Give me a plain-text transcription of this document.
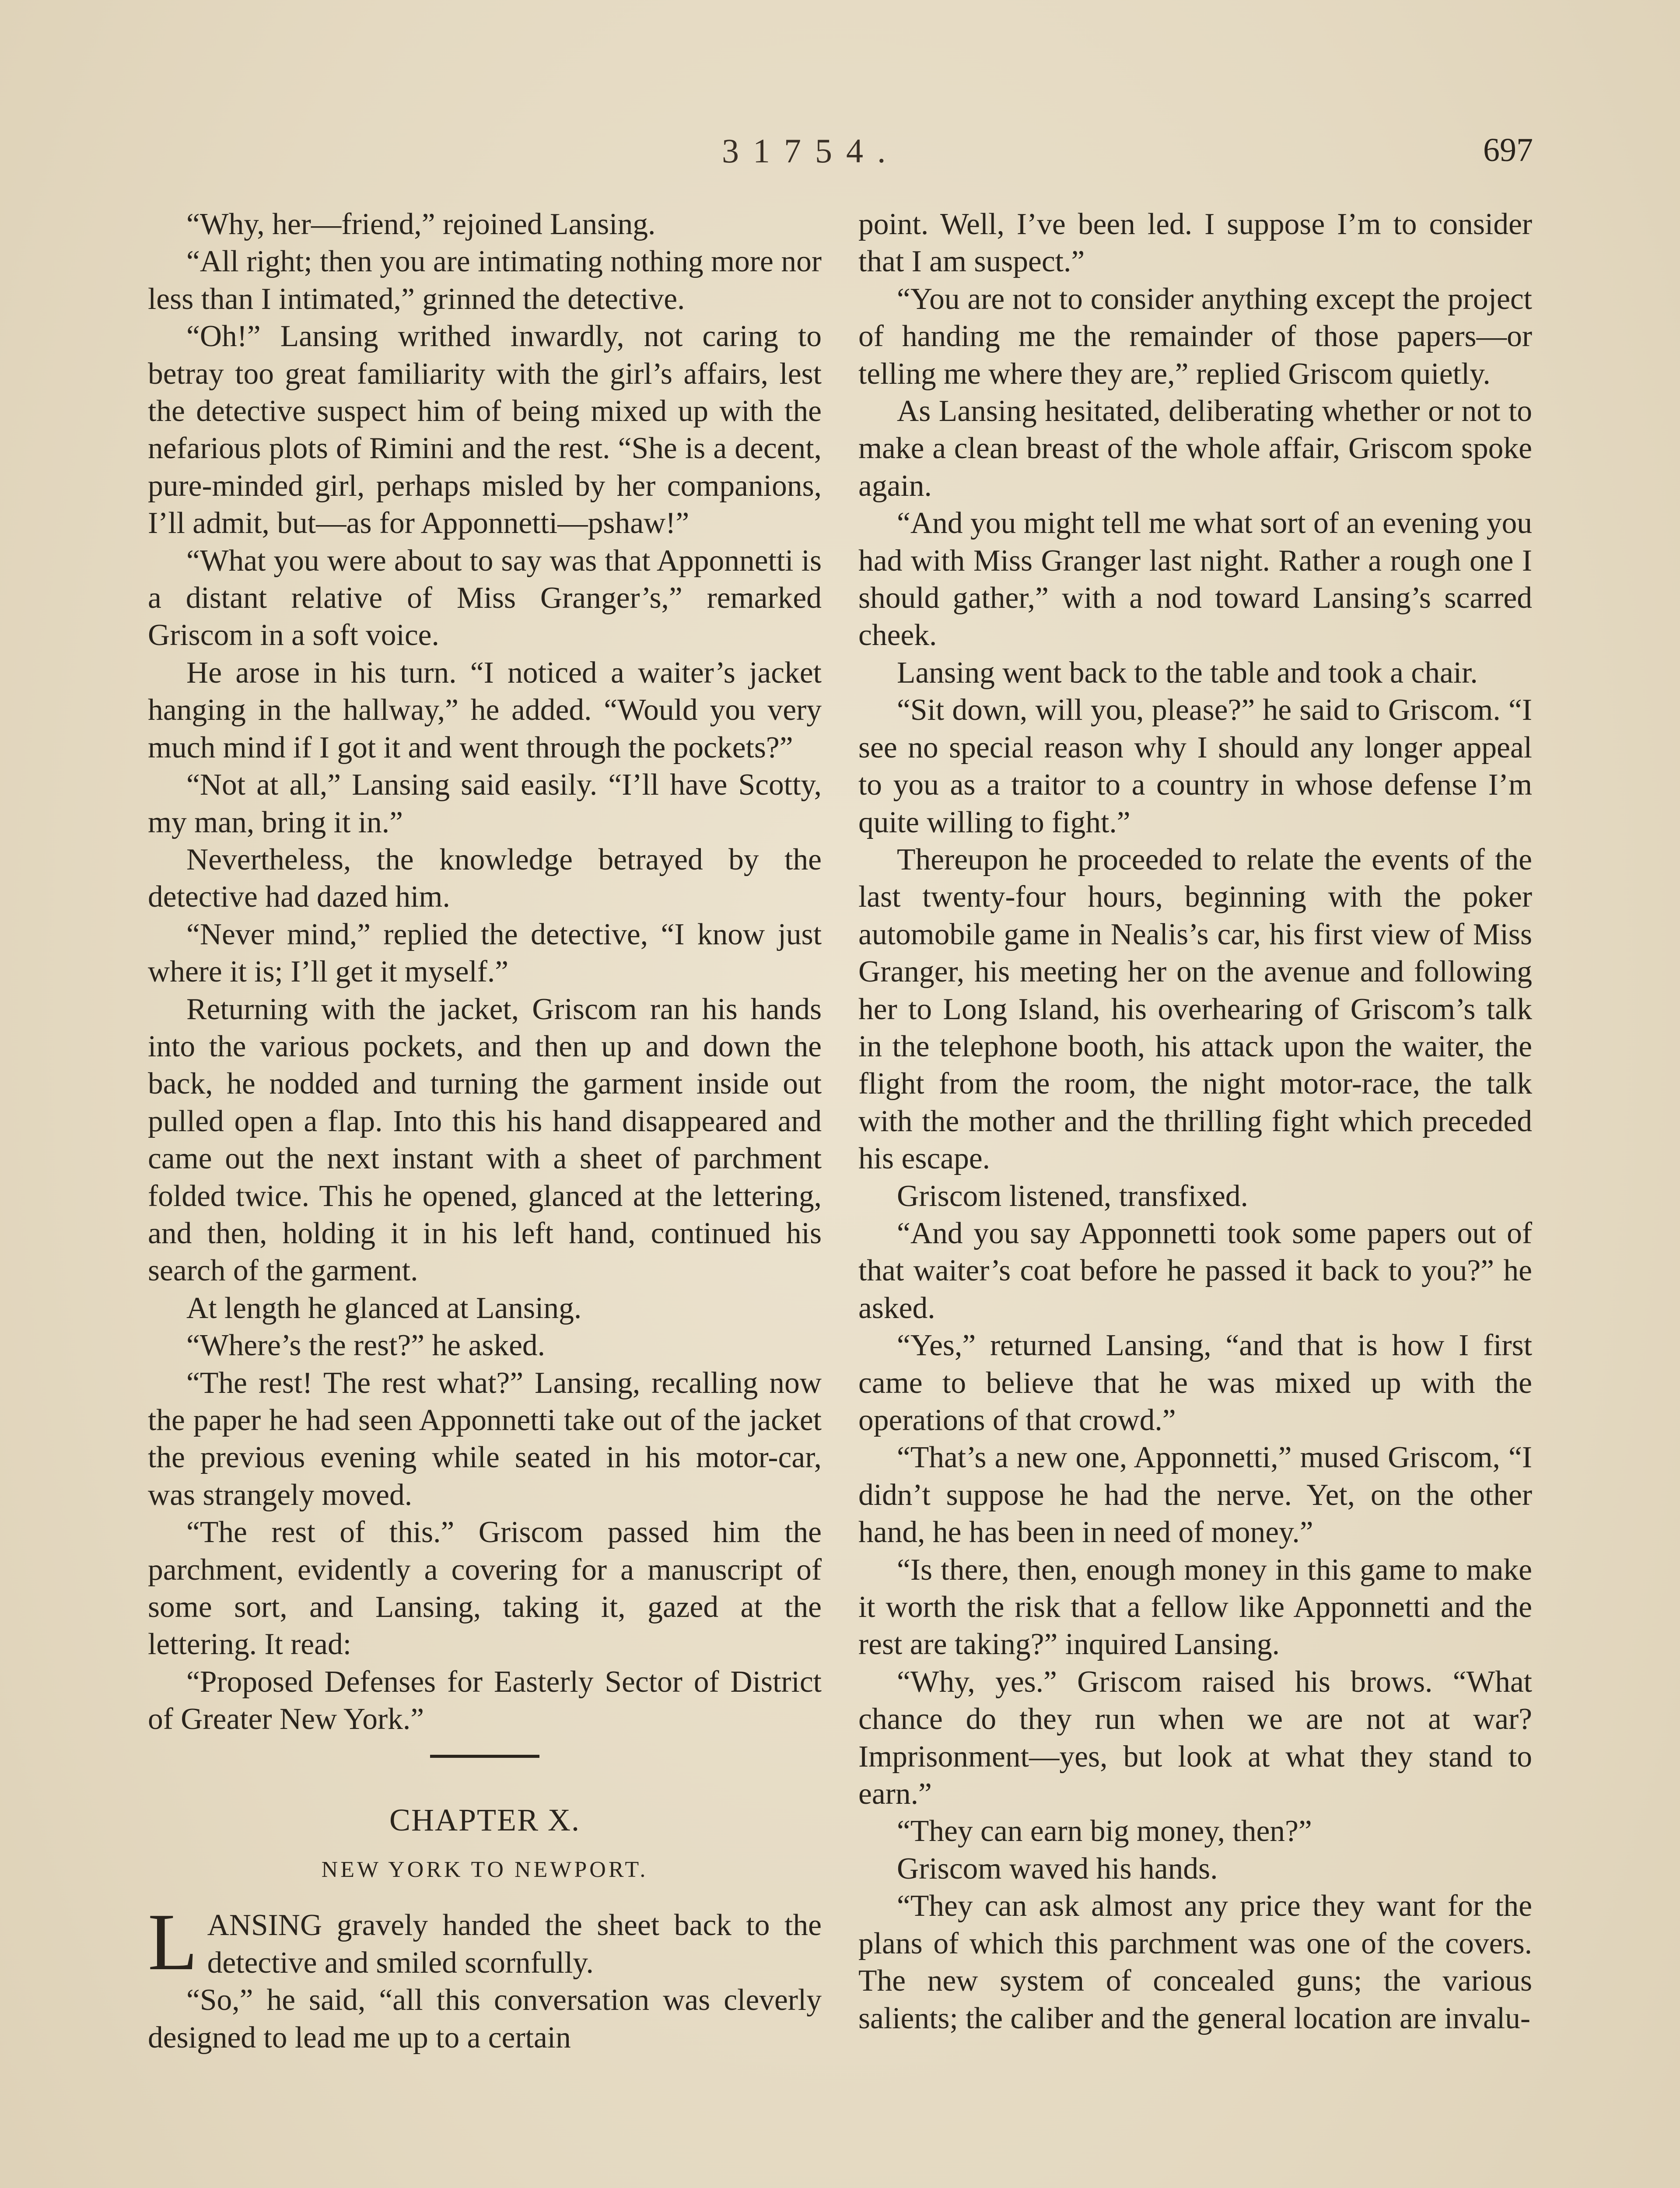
31754.	697

“Why, her—friend,” rejoined Lansing.

“All right; then you are intimating nothing more nor less than I intimated,” grinned the detective.

“Oh!” Lansing writhed inwardly, not caring to betray too great familiarity with the girl’s affairs, lest the detective suspect him of being mixed up with the nefarious plots of Rimini and the rest. “She is a decent, pure-minded girl, perhaps misled by her companions, I’ll admit, but—as for Apponnetti—pshaw!”

“What you were about to say was that Apponnetti is a distant relative of Miss Granger’s,” remarked Griscom in a soft voice.

He arose in his turn. “I noticed a waiter’s jacket hanging in the hallway,” he added. “Would you very much mind if I got it and went through the pockets?”

“Not at all,” Lansing said easily. “I’ll have Scotty, my man, bring it in.”

Nevertheless, the knowledge betrayed by the detective had dazed him.

“Never mind,” replied the detective, “I know just where it is; I’ll get it myself.”

Returning with the jacket, Griscom ran his hands into the various pockets, and then up and down the back, he nodded and turning the garment inside out pulled open a flap. Into this his hand disappeared and came out the next instant with a sheet of parchment folded twice. This he opened, glanced at the lettering, and then, holding it in his left hand, continued his search of the garment.

At length he glanced at Lansing.

“Where’s the rest?” he asked.

“The rest! The rest what?” Lansing, recalling now the paper he had seen Apponnetti take out of the jacket the previous evening while seated in his motor-car, was strangely moved.

“The rest of this.” Griscom passed him the parchment, evidently a covering for a manuscript of some sort, and Lansing, taking it, gazed at the lettering. It read:

“Proposed Defenses for Easterly Sector of District of Greater New York.”

CHAPTER X.
NEW YORK TO NEWPORT.

LANSING gravely handed the sheet back to the detective and smiled scornfully.

“So,” he said, “all this conversation was cleverly designed to lead me up to a certain

point. Well, I’ve been led. I suppose I’m to consider that I am suspect.”

“You are not to consider anything except the project of handing me the remainder of those papers—or telling me where they are,” replied Griscom quietly.

As Lansing hesitated, deliberating whether or not to make a clean breast of the whole affair, Griscom spoke again.

“And you might tell me what sort of an evening you had with Miss Granger last night. Rather a rough one I should gather,” with a nod toward Lansing’s scarred cheek.

Lansing went back to the table and took a chair.

“Sit down, will you, please?” he said to Griscom. “I see no special reason why I should any longer appeal to you as a traitor to a country in whose defense I’m quite willing to fight.”

Thereupon he proceeded to relate the events of the last twenty-four hours, beginning with the poker automobile game in Nealis’s car, his first view of Miss Granger, his meeting her on the avenue and following her to Long Island, his overhearing of Griscom’s talk in the telephone booth, his attack upon the waiter, the flight from the room, the night motor-race, the talk with the mother and the thrilling fight which preceded his escape.

Griscom listened, transfixed.

“And you say Apponnetti took some papers out of that waiter’s coat before he passed it back to you?” he asked.

“Yes,” returned Lansing, “and that is how I first came to believe that he was mixed up with the operations of that crowd.”

“That’s a new one, Apponnetti,” mused Griscom, “I didn’t suppose he had the nerve. Yet, on the other hand, he has been in need of money.”

“Is there, then, enough money in this game to make it worth the risk that a fellow like Apponnetti and the rest are taking?” inquired Lansing.

“Why, yes.” Griscom raised his brows. “What chance do they run when we are not at war? Imprisonment—yes, but look at what they stand to earn.”

“They can earn big money, then?”

Griscom waved his hands.

“They can ask almost any price they want for the plans of which this parchment was one of the covers. The new system of concealed guns; the various salients; the caliber and the general location are invalu-
